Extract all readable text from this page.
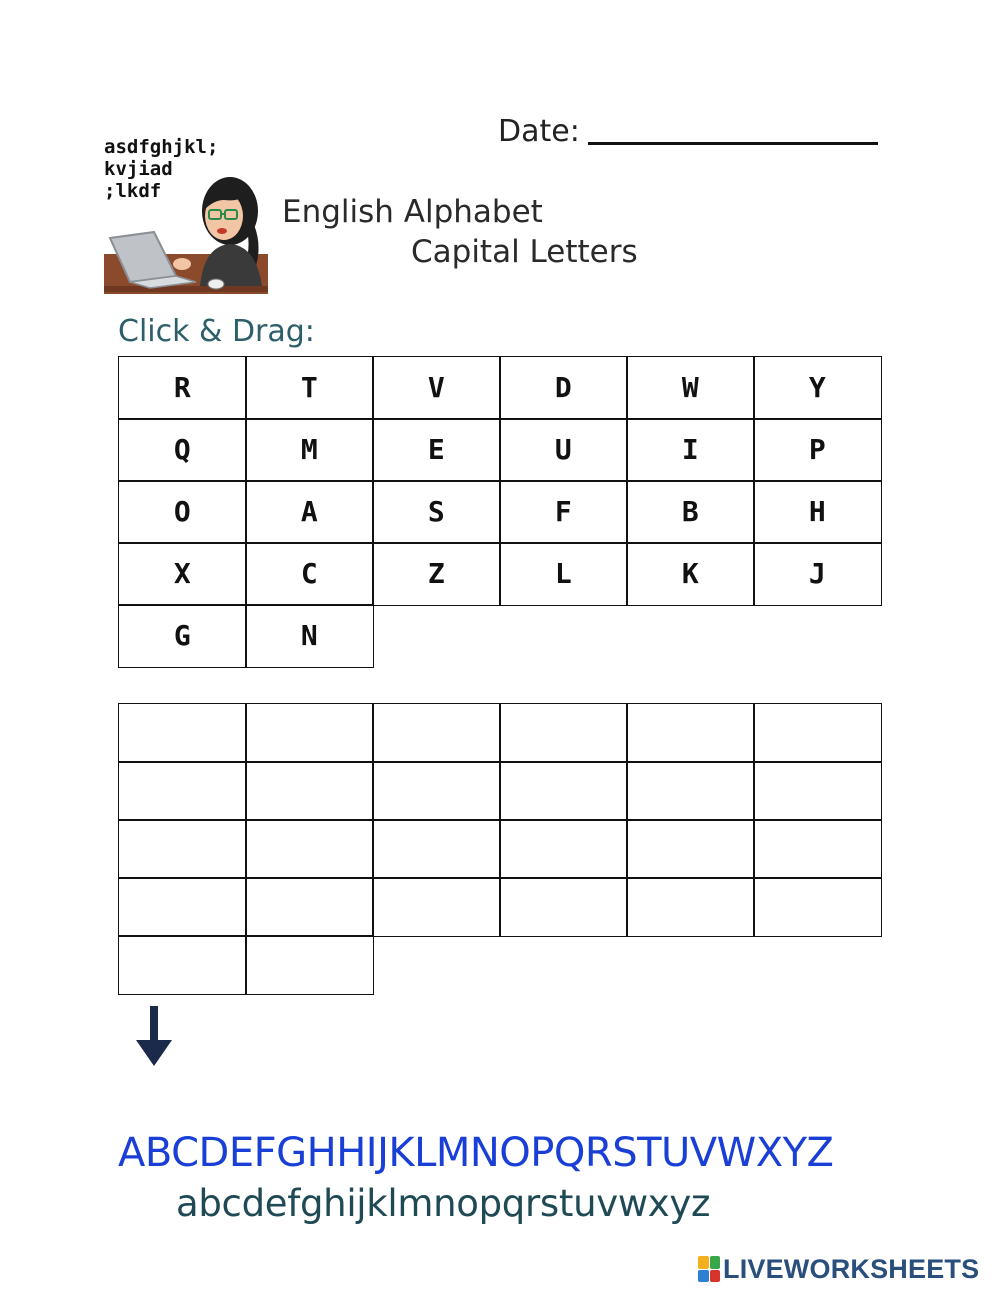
Date:
asdfghjkl;
kvjiad
;lkdf
English Alphabet
Capital Letters
Click & Drag:
R	T	V	D	W	Y
Q	M	E	U	I	P
O	A	S	F	B	H
X	C	Z	L	K	J
G	N
ABCDEFGHHIJKLMNOPQRSTUVWXYZ
abcdefghijklmnopqrstuvwxyz
LIVEWORKSHEETS
